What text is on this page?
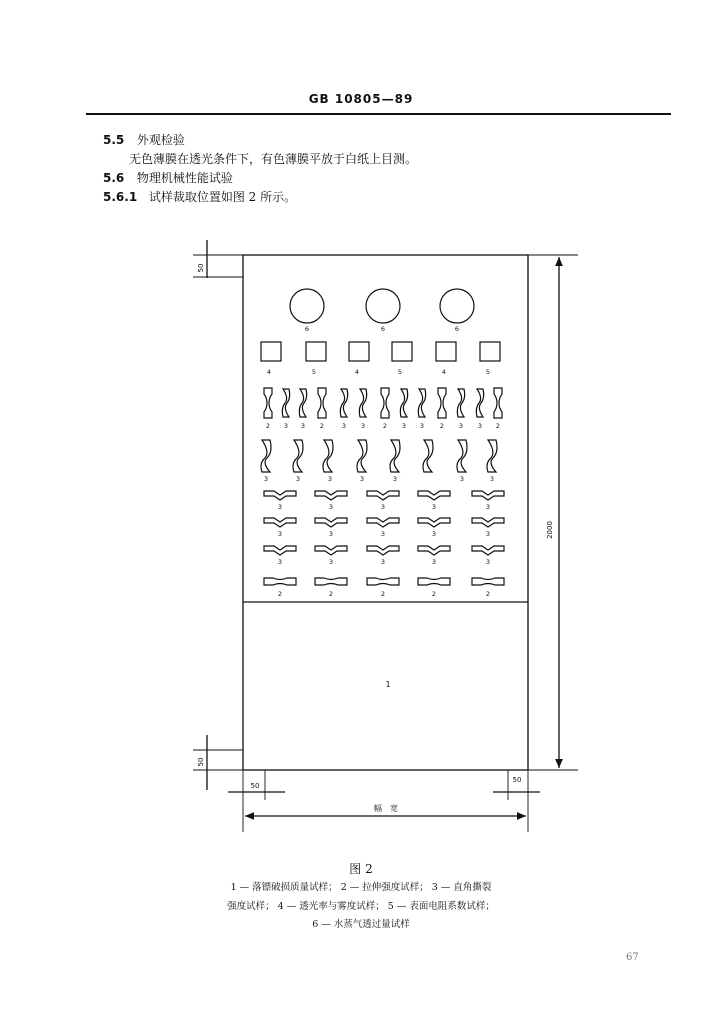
GB 10805—89
5.5 外观检验
无色薄膜在透光条件下，有色薄膜平放于白纸上目测。
5.6 物理机械性能试验
5.6.1 试样裁取位置如图 2 所示。
50
50
50
50
2000
幅　宽
1
6	6	6
4	5	4	5	4	5
2 3 3 2	3 3	2 3 3 2 3 3 2
3	3	3	3	3	3	3
3	3	3	3	3
3	3	3	3	3
3	3	3	3	3
2	2	2	2	2
图 2
1 — 落镖破损质量试样； 2 — 拉伸强度试样； 3 — 直角撕裂
强度试样； 4 — 透光率与雾度试样； 5 — 表面电阻系数试样；
6 — 水蒸气透过量试样
67
